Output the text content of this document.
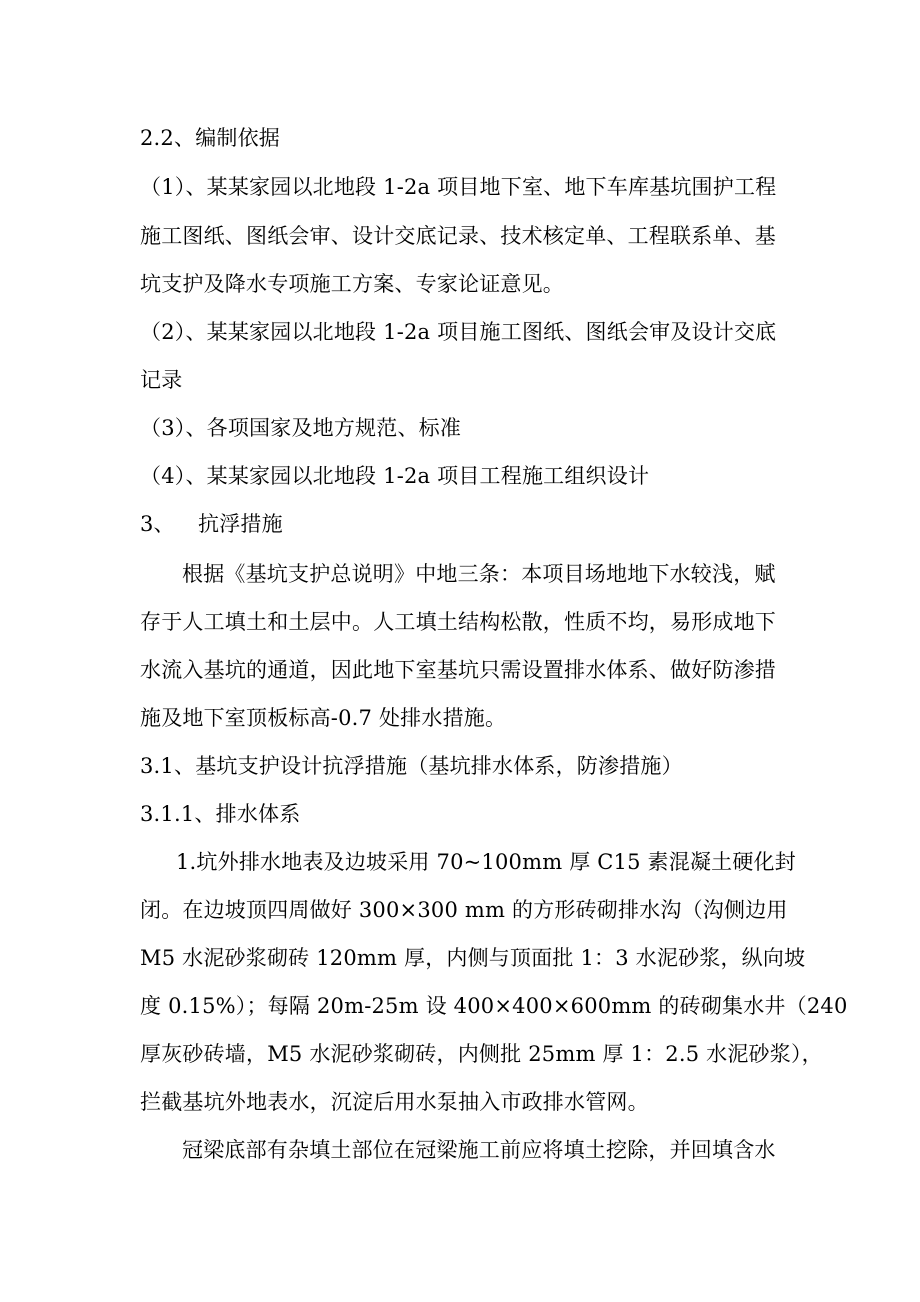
2.2、编制依据
（1）、某某家园以北地段 1-2a 项目地下室、地下车库基坑围护工程
施工图纸、图纸会审、设计交底记录、技术核定单、工程联系单、基
坑支护及降水专项施工方案、专家论证意见。
（2）、某某家园以北地段 1-2a 项目施工图纸、图纸会审及设计交底
记录
（3）、各项国家及地方规范、标准
（4）、某某家园以北地段 1-2a 项目工程施工组织设计
3、 抗浮措施
根据《基坑支护总说明》中地三条：本项目场地地下水较浅，赋
存于人工填土和土层中。人工填土结构松散，性质不均，易形成地下
水流入基坑的通道，因此地下室基坑只需设置排水体系、做好防渗措
施及地下室顶板标高-0.7 处排水措施。
3.1、基坑支护设计抗浮措施（基坑排水体系，防渗措施）
3.1.1、排水体系
1.坑外排水地表及边坡采用 70~100mm 厚 C15 素混凝土硬化封
闭。在边坡顶四周做好 300×300 mm 的方形砖砌排水沟（沟侧边用
M5 水泥砂浆砌砖 120mm 厚，内侧与顶面批 1：3 水泥砂浆，纵向坡
度 0.15%）；每隔 20m-25m 设 400×400×600mm 的砖砌集水井（240
厚灰砂砖墙，M5 水泥砂浆砌砖，内侧批 25mm 厚 1：2.5 水泥砂浆），
拦截基坑外地表水，沉淀后用水泵抽入市政排水管网。
冠梁底部有杂填土部位在冠梁施工前应将填土挖除，并回填含水
